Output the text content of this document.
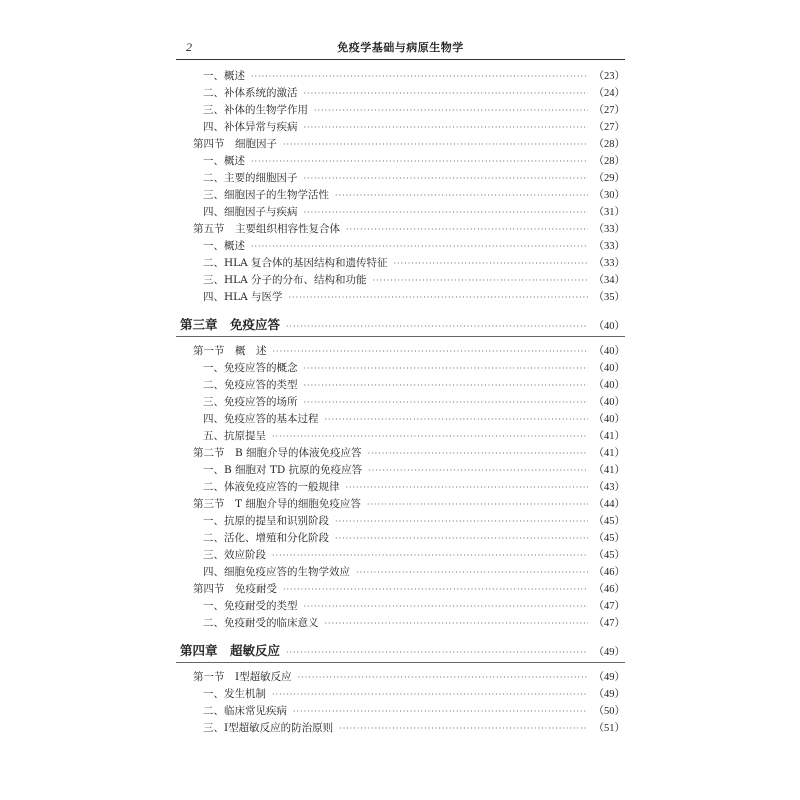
2	免疫学基础与病原生物学
一、概述 ·····	（23）
二、补体系统的激活 ·····	（24）
三、补体的生物学作用 ·····	（27）
四、补体异常与疾病 ·····	（27）
第四节　细胞因子 ·····	（28）
一、概述 ·····	（28）
二、主要的细胞因子 ·····	（29）
三、细胞因子的生物学活性 ·····	（30）
四、细胞因子与疾病 ·····	（31）
第五节　主要组织相容性复合体 ·····	（33）
一、概述 ·····	（33）
二、HLA 复合体的基因结构和遗传特征 ·····	（33）
三、HLA 分子的分布、结构和功能 ·····	（34）
四、HLA 与医学 ·····	（35）
第三章　免疫应答 ·····	（40）
第一节　概　述 ·····	（40）
一、免疫应答的概念 ·····	（40）
二、免疫应答的类型 ·····	（40）
三、免疫应答的场所 ·····	（40）
四、免疫应答的基本过程 ·····	（40）
五、抗原提呈 ·····	（41）
第二节　B 细胞介导的体液免疫应答 ·····	（41）
一、B 细胞对 TD 抗原的免疫应答 ·····	（41）
二、体液免疫应答的一般规律 ·····	（43）
第三节　T 细胞介导的细胞免疫应答 ·····	（44）
一、抗原的提呈和识别阶段 ·····	（45）
二、活化、增殖和分化阶段 ·····	（45）
三、效应阶段 ·····	（45）
四、细胞免疫应答的生物学效应 ·····	（46）
第四节　免疫耐受 ·····	（46）
一、免疫耐受的类型 ·····	（47）
二、免疫耐受的临床意义 ·····	（47）
第四章　超敏反应 ·····	（49）
第一节　Ⅰ型超敏反应 ·····	（49）
一、发生机制 ·····	（49）
二、临床常见疾病 ·····	（50）
三、Ⅰ型超敏反应的防治原则 ·····	（51）
